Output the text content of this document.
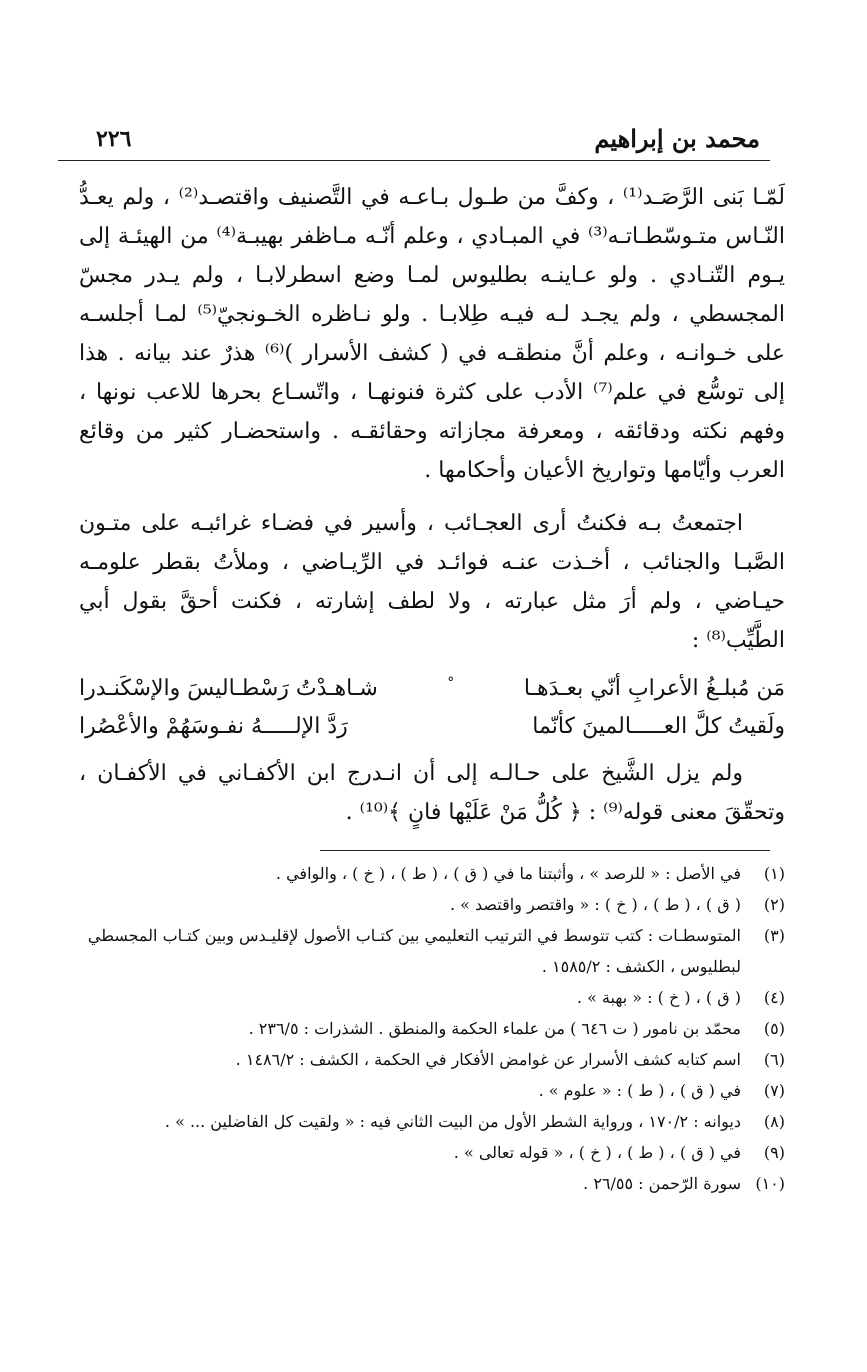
محمد بن إبراهيم
٢٢٦

لَمّـا بَنى الرَّصَـد⁽¹⁾ ، وكفَّ من طـول بـاعـه في التَّصنيف واقتصـد⁽²⁾ ، ولم يعـدُّ النّـاس متـوسّطـاتـه⁽³⁾ في المبـادي ، وعلم أنّـه مـاظفر بهيبـة⁽⁴⁾ من الهيئـة إلى يـوم التّنـادي . ولو عـاينـه بطليوس لمـا وضع اسطرلابـا ، ولم يـدر مجسّ المجسطي ، ولم يجـد لـه فيـه طِلابـا . ولو نـاظره الخـونجيّ⁽⁵⁾ لمـا أجلسـه على خـوانـه ، وعلم أنَّ منطقـه في ( كشف الأسرار )⁽⁶⁾ هذرٌ عند بيانه . هذا إلى توسُّع في علم⁽⁷⁾ الأدب على كثرة فنونهـا ، واتّسـاع بحرها للاعب نونها ، وفهم نكته ودقائقه ، ومعرفة مجازاته وحقائقـه . واستحضـار كثير من وقائع العرب وأيّامها وتواريخ الأعيان وأحكامها .

اجتمعتُ بـه فكنتُ أرى العجـائب ، وأسير في فضـاء غرائبـه على متـون الصَّبـا والجنائب ، أخـذت عنـه فوائـد في الرِّيـاضي ، وملأتُ بقطر علومـه حيـاضي ، ولم أرَ مثل عبارته ، ولا لطف إشارته ، فكنت أحقَّ بقول أبي الطَّيِّب⁽⁸⁾ :

مَن مُبلـغُ الأعرابِ أنّي بعـدَهـا
°
شـاهـدْتُ رَسْطـاليسَ والإسْكَنـدرا
ولَقيتُ كلَّ العـــــالمينَ كأنّما
رَدَّ الإلـــــهُ نفـوسَهُمْ والأعْصُرا

ولم يزل الشَّيخ على حـالـه إلى أن انـدرج ابن الأكفـاني في الأكفـان ، وتحقّقَ معنى قوله⁽⁹⁾ : ﴿ كُلُّ مَنْ عَلَيْها فانٍ ﴾⁽¹⁰⁾ .

(١)
في الأصل : « للرصد » ، وأثبتنا ما في ( ق ) ، ( ط ) ، ( خ ) ، والوافي .
(٢)
( ق ) ، ( ط ) ، ( خ ) : « واقتصر واقتصد » .
(٣)
المتوسطـات : كتب تتوسط في الترتيب التعليمي بين كتـاب الأصول لإقليـدس وبين كتـاب المجسطي لبطليوس ، الكشف : ١٥٨٥/٢ .
(٤)
( ق ) ، ( خ ) : « بهبة » .
(٥)
محمّد بن نامور ( ت ٦٤٦ ) من علماء الحكمة والمنطق . الشذرات : ٢٣٦/٥ .
(٦)
اسم كتابه كشف الأسرار عن غوامض الأفكار في الحكمة ، الكشف : ١٤٨٦/٢ .
(٧)
في ( ق ) ، ( ط ) : « علوم » .
(٨)
ديوانه : ١٧٠/٢ ، ورواية الشطر الأول من البيت الثاني فيه : « ولقيت كل الفاضلين ... » .
(٩)
في ( ق ) ، ( ط ) ، ( خ ) ، « قوله تعالى » .
(١٠)
سورة الرّحمن : ٢٦/٥٥ .
